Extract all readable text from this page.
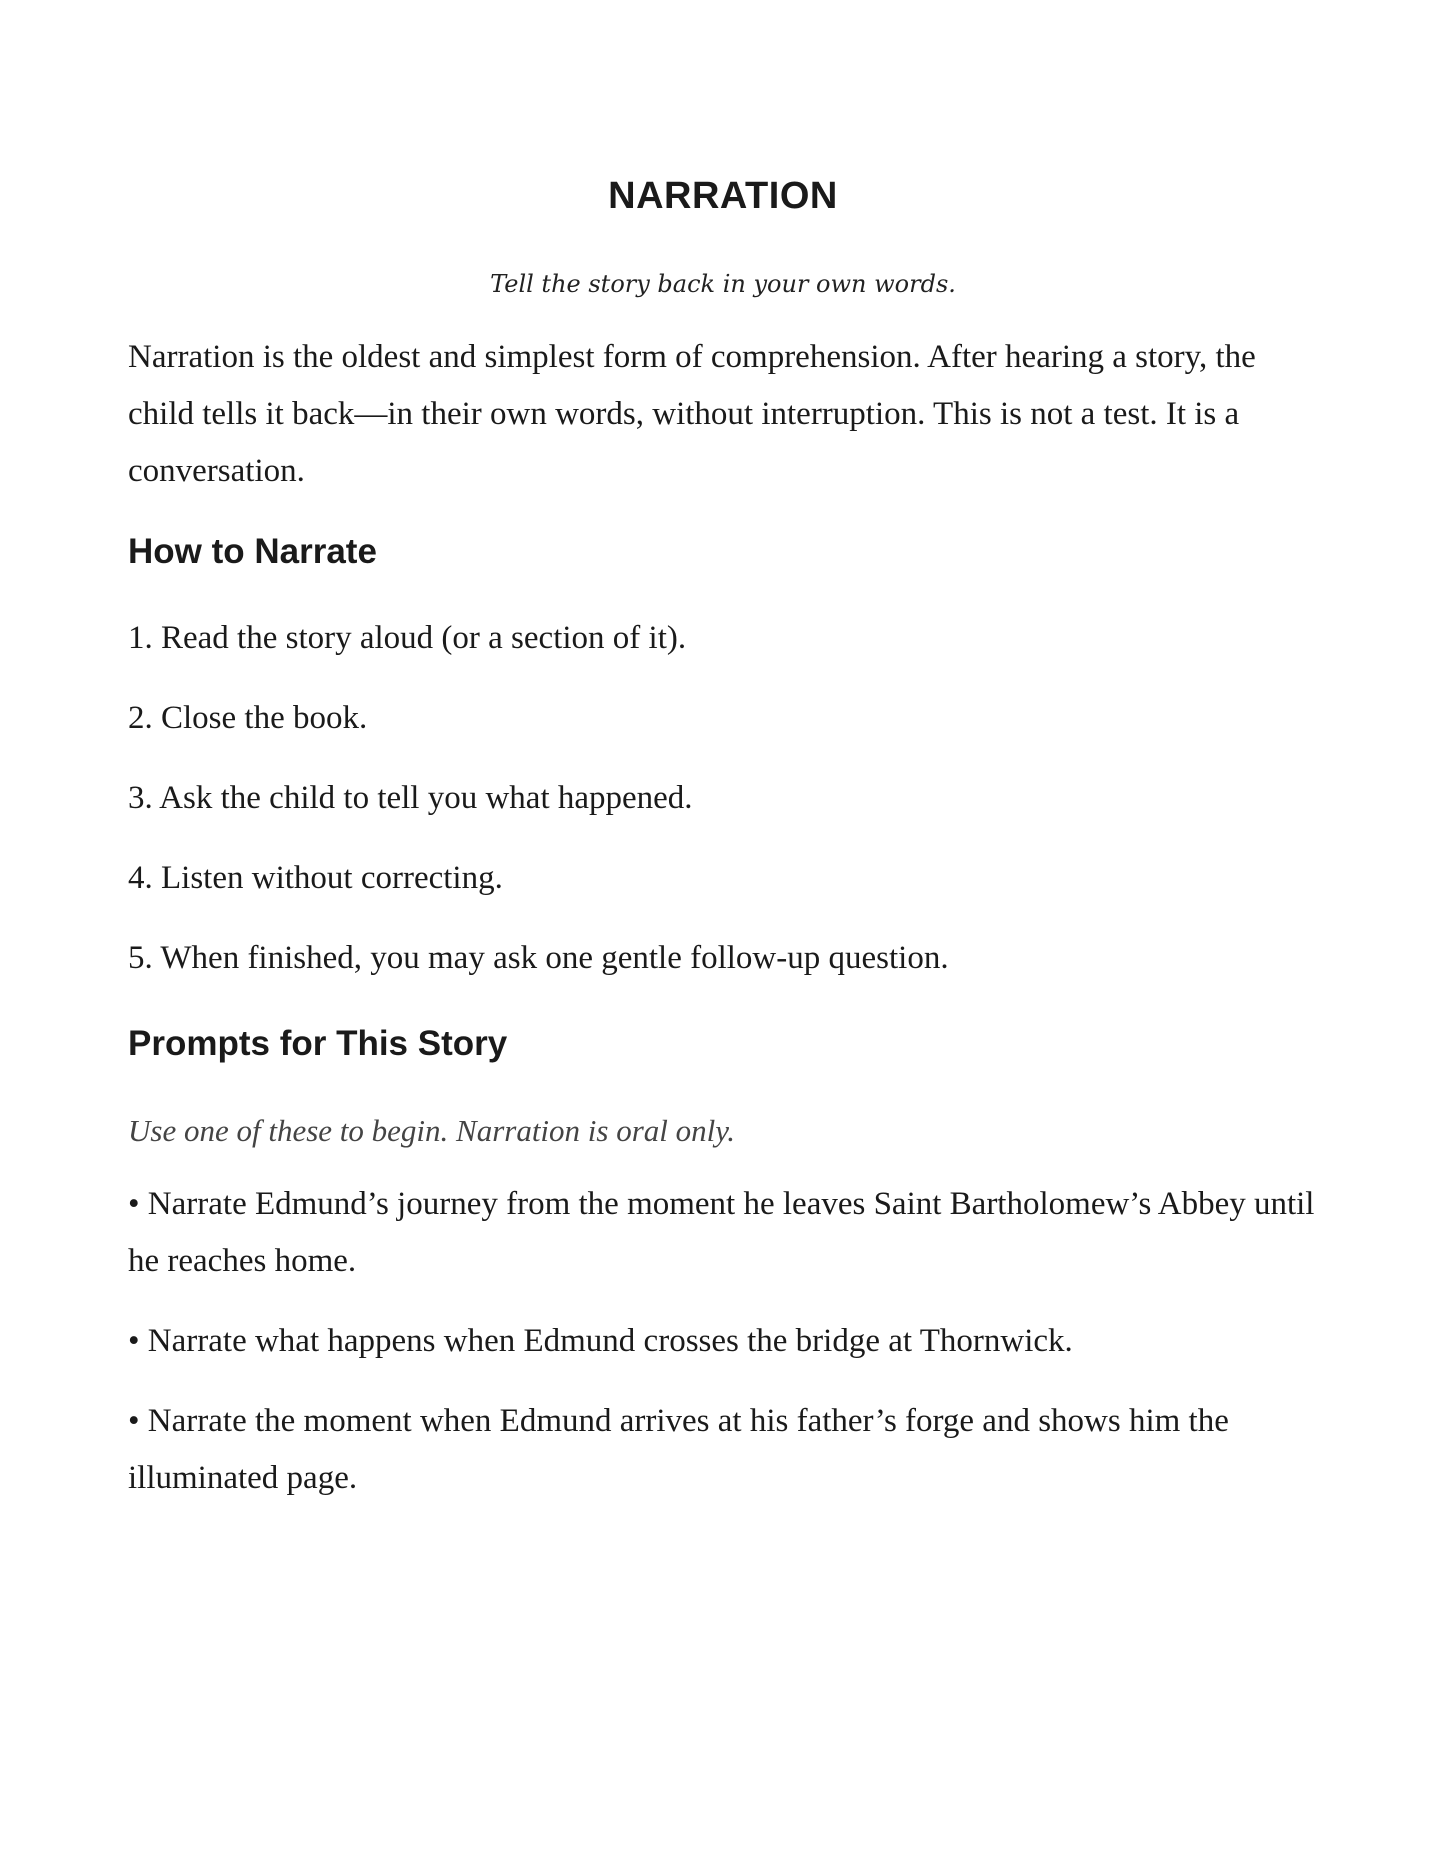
NARRATION

Tell the story back in your own words.

Narration is the oldest and simplest form of comprehension. After hearing a story, the child tells it back—in their own words, without interruption. This is not a test. It is a conversation.

How to Narrate

1. Read the story aloud (or a section of it).

2. Close the book.

3. Ask the child to tell you what happened.

4. Listen without correcting.

5. When finished, you may ask one gentle follow-up question.

Prompts for This Story

Use one of these to begin. Narration is oral only.

• Narrate Edmund’s journey from the moment he leaves Saint Bartholomew’s Abbey until he reaches home.

• Narrate what happens when Edmund crosses the bridge at Thornwick.

• Narrate the moment when Edmund arrives at his father’s forge and shows him the illuminated page.
